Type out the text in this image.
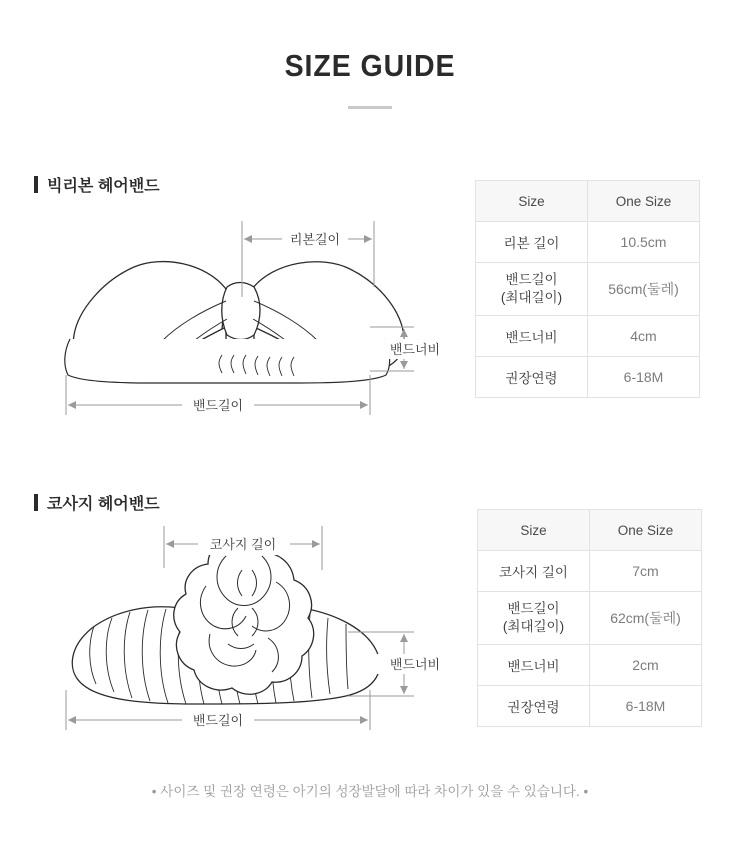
SIZE GUIDE
빅리본 헤어밴드
리본길이
밴드너비
밴드길이
Size	One Size
리본 길이	10.5cm

밴드길이
(최대길이)	56cm(둘레)
밴드너비	4cm
권장연령	6-18M
코사지 헤어밴드
코사지 길이
밴드너비
밴드길이
Size	One Size
코사지 길이	7cm

밴드길이
(최대길이)	62cm(둘레)
밴드너비	2cm
권장연령	6-18M
• 사이즈 및 권장 연령은 아기의 성장발달에 따라 차이가 있을 수 있습니다. •
